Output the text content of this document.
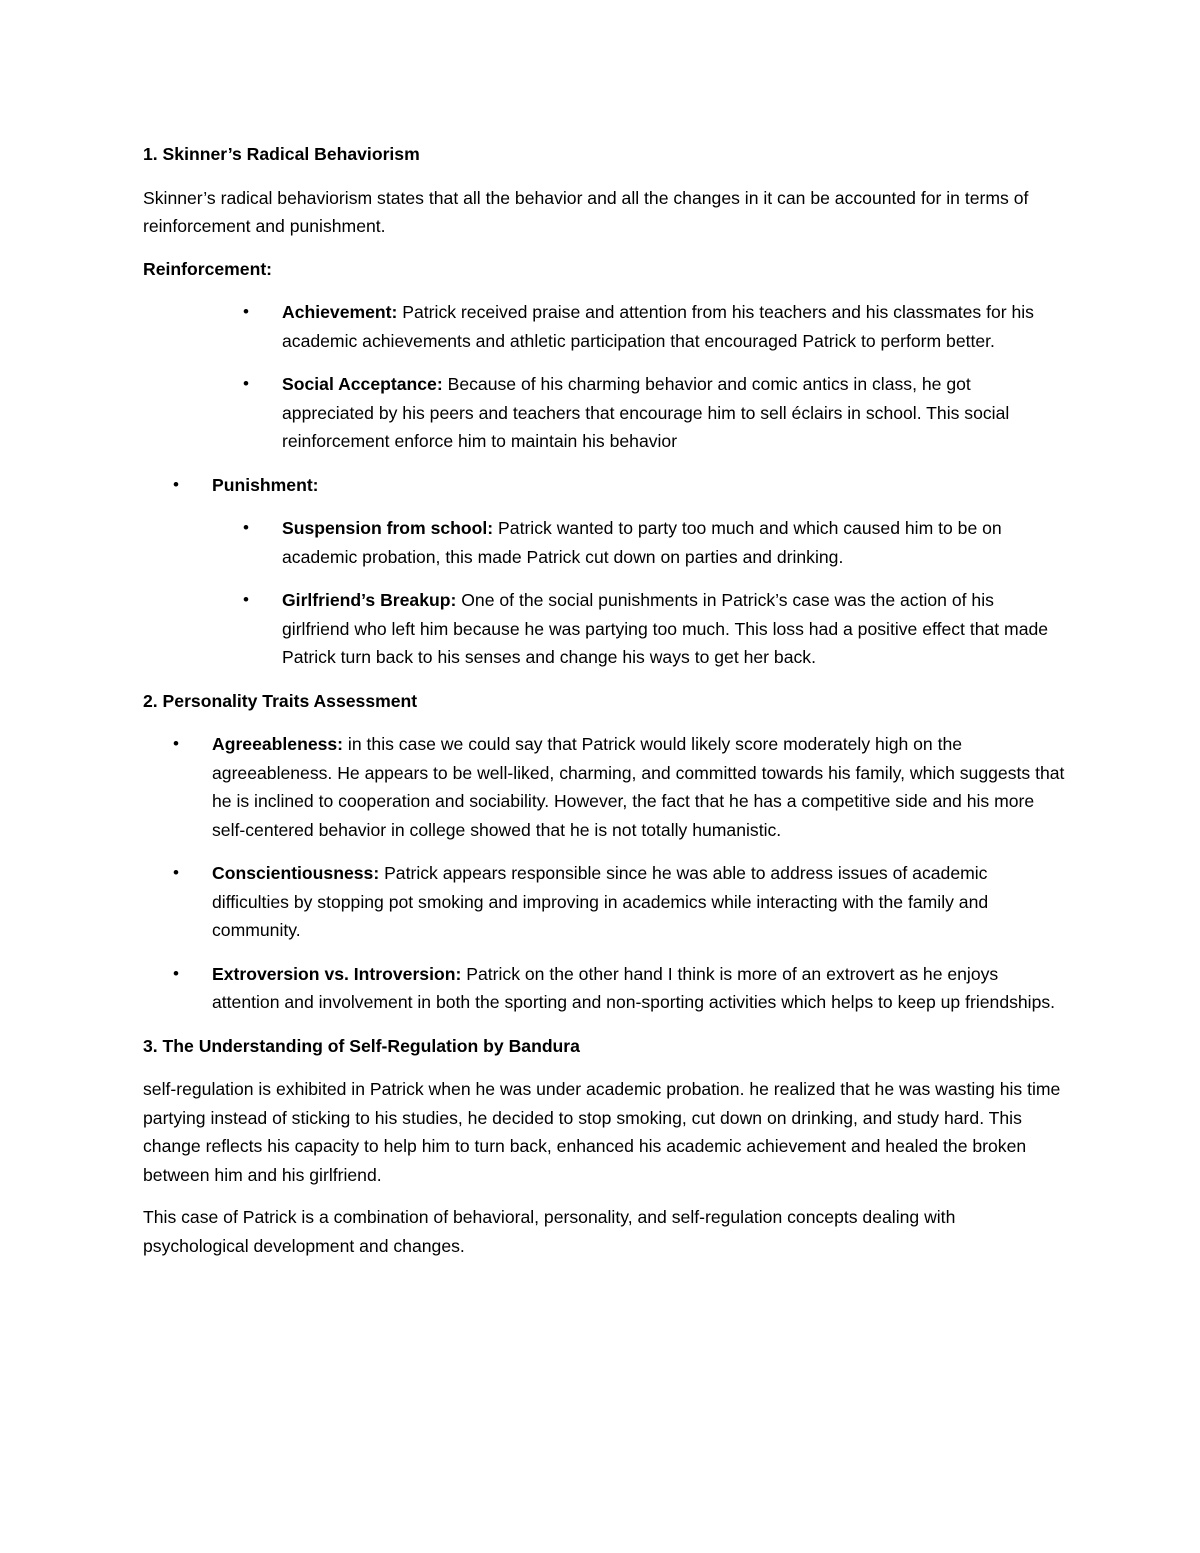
1. Skinner’s Radical Behaviorism
Skinner’s radical behaviorism states that all the behavior and all the changes in it can be accounted for in terms of reinforcement and punishment.
Reinforcement:
• Achievement: Patrick received praise and attention from his teachers and his classmates for his academic achievements and athletic participation that encouraged Patrick to perform better.
• Social Acceptance: Because of his charming behavior and comic antics in class, he got appreciated by his peers and teachers that encourage him to sell éclairs in school. This social reinforcement enforce him to maintain his behavior
• Punishment:
• Suspension from school: Patrick wanted to party too much and which caused him to be on academic probation, this made Patrick cut down on parties and drinking.
• Girlfriend’s Breakup: One of the social punishments in Patrick’s case was the action of his girlfriend who left him because he was partying too much. This loss had a positive effect that made Patrick turn back to his senses and change his ways to get her back.
2. Personality Traits Assessment
• Agreeableness: in this case we could say that Patrick would likely score moderately high on the agreeableness. He appears to be well-liked, charming, and committed towards his family, which suggests that he is inclined to cooperation and sociability. However, the fact that he has a competitive side and his more self-centered behavior in college showed that he is not totally humanistic.
• Conscientiousness: Patrick appears responsible since he was able to address issues of academic difficulties by stopping pot smoking and improving in academics while interacting with the family and community.
• Extroversion vs. Introversion: Patrick on the other hand I think is more of an extrovert as he enjoys attention and involvement in both the sporting and non-sporting activities which helps to keep up friendships.
3. The Understanding of Self-Regulation by Bandura
self-regulation is exhibited in Patrick when he was under academic probation. he realized that he was wasting his time partying instead of sticking to his studies, he decided to stop smoking, cut down on drinking, and study hard. This change reflects his capacity to help him to turn back, enhanced his academic achievement and healed the broken between him and his girlfriend.
This case of Patrick is a combination of behavioral, personality, and self-regulation concepts dealing with psychological development and changes.
